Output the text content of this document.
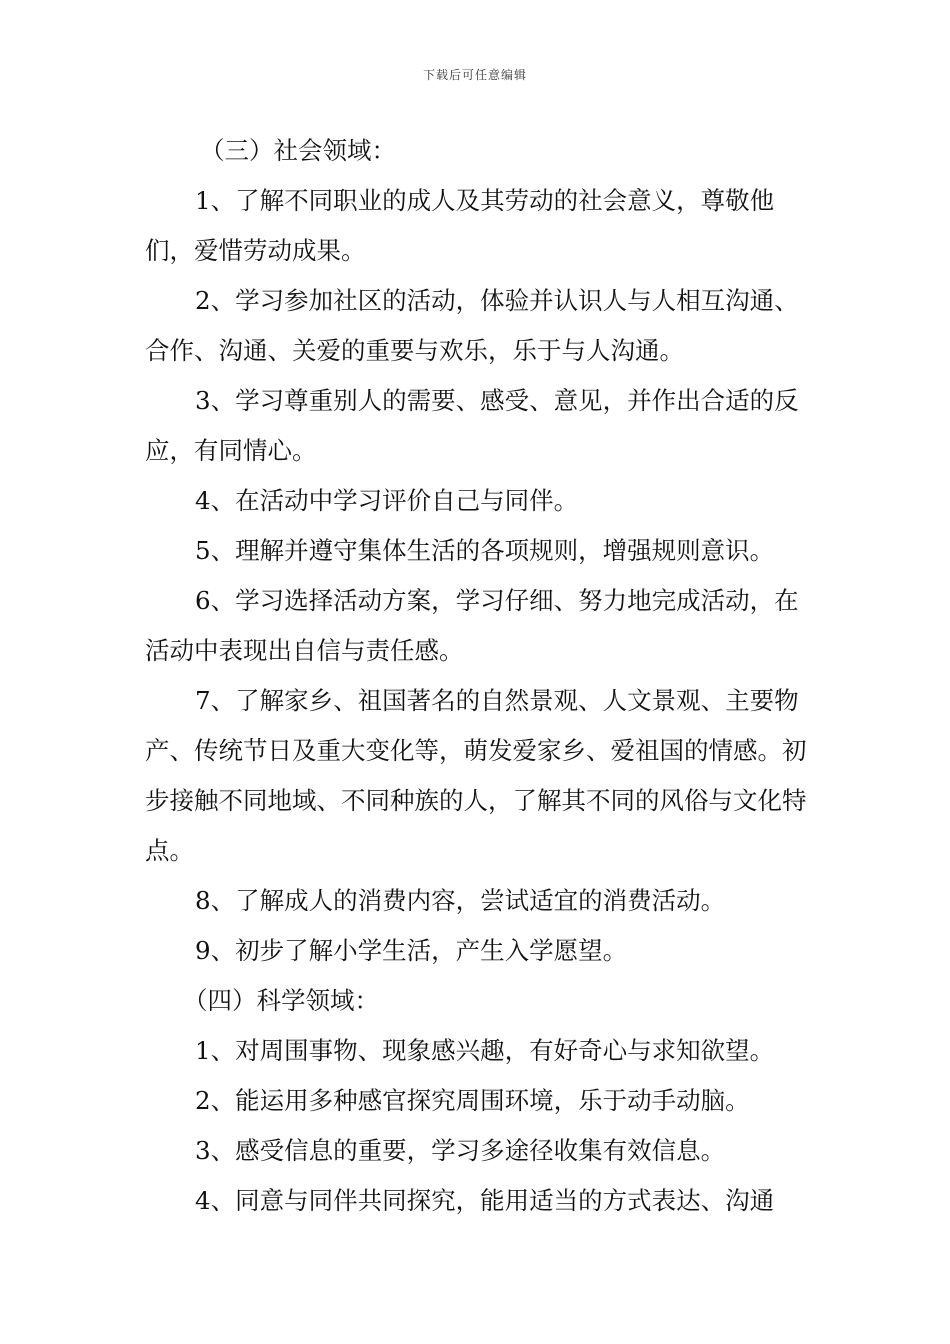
下载后可任意编辑

（三）社会领域：

1、了解不同职业的成人及其劳动的社会意义，尊敬他们，爱惜劳动成果。

2、学习参加社区的活动，体验并认识人与人相互沟通、合作、沟通、关爱的重要与欢乐，乐于与人沟通。

3、学习尊重别人的需要、感受、意见，并作出合适的反应，有同情心。

4、在活动中学习评价自己与同伴。

5、理解并遵守集体生活的各项规则，增强规则意识。

6、学习选择活动方案，学习仔细、努力地完成活动，在活动中表现出自信与责任感。

7、了解家乡、祖国著名的自然景观、人文景观、主要物产、传统节日及重大变化等，萌发爱家乡、爱祖国的情感。初步接触不同地域、不同种族的人，了解其不同的风俗与文化特点。

8、了解成人的消费内容，尝试适宜的消费活动。

9、初步了解小学生活，产生入学愿望。

（四）科学领域：

1、对周围事物、现象感兴趣，有好奇心与求知欲望。

2、能运用多种感官探究周围环境，乐于动手动脑。

3、感受信息的重要，学习多途径收集有效信息。

4、同意与同伴共同探究，能用适当的方式表达、沟通
